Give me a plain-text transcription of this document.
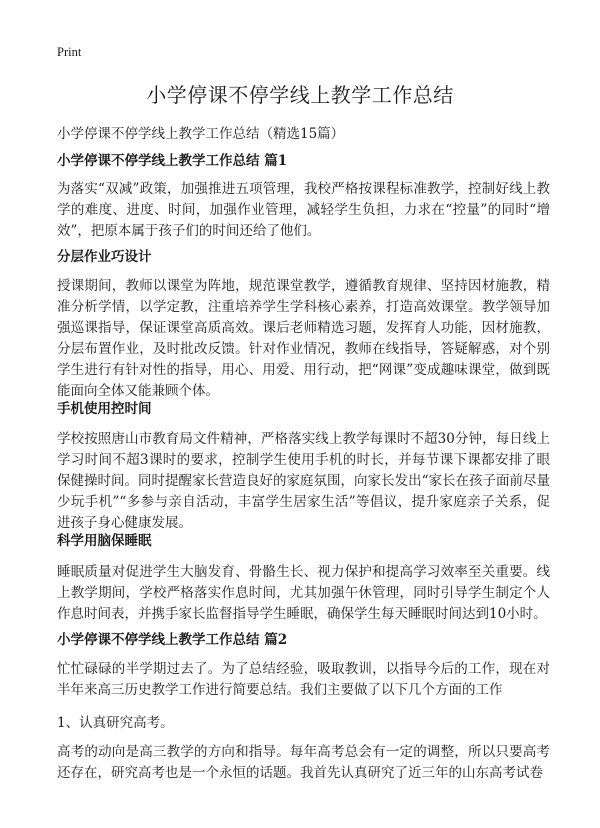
Print
小学停课不停学线上教学工作总结
小学停课不停学线上教学工作总结（精选15篇）
小学停课不停学线上教学工作总结 篇1

为落实“双减”政策，加强推进五项管理，我校严格按课程标准教学，控制好线上教学的难度、进度、时间，加强作业管理，减轻学生负担，力求在“控量”的同时“增效”，把原本属于孩子们的时间还给了他们。

分层作业巧设计

授课期间，教师以课堂为阵地，规范课堂教学，遵循教育规律、坚持因材施教，精准分析学情，以学定教，注重培养学生学科核心素养，打造高效课堂。教学领导加强巡课指导，保证课堂高质高效。课后老师精选习题，发挥育人功能，因材施教，分层布置作业，及时批改反馈。针对作业情况，教师在线指导，答疑解惑，对个别学生进行有针对性的指导，用心、用爱、用行动，把“网课”变成趣味课堂，做到既能面向全体又能兼顾个体。

手机使用控时间

学校按照唐山市教育局文件精神，严格落实线上教学每课时不超30分钟，每日线上学习时间不超3课时的要求，控制学生使用手机的时长，并每节课下课都安排了眼保健操时间。同时提醒家长营造良好的家庭氛围，向家长发出“家长在孩子面前尽量少玩手机”“多参与亲自活动，丰富学生居家生活”等倡议，提升家庭亲子关系，促进孩子身心健康发展。

科学用脑保睡眠

睡眠质量对促进学生大脑发育、骨骼生长、视力保护和提高学习效率至关重要。线上教学期间，学校严格落实作息时间，尤其加强午休管理，同时引导学生制定个人作息时间表，并携手家长监督指导学生睡眠，确保学生每天睡眠时间达到10小时。

小学停课不停学线上教学工作总结 篇2

忙忙碌碌的半学期过去了。为了总结经验，吸取教训，以指导今后的工作，现在对半年来高三历史教学工作进行简要总结。我们主要做了以下几个方面的工作

1、认真研究高考。

高考的动向是高三教学的方向和指导。每年高考总会有一定的调整，所以只要高考还存在，研究高考也是一个永恒的话题。我首先认真研究了近三年的山东高考试卷
